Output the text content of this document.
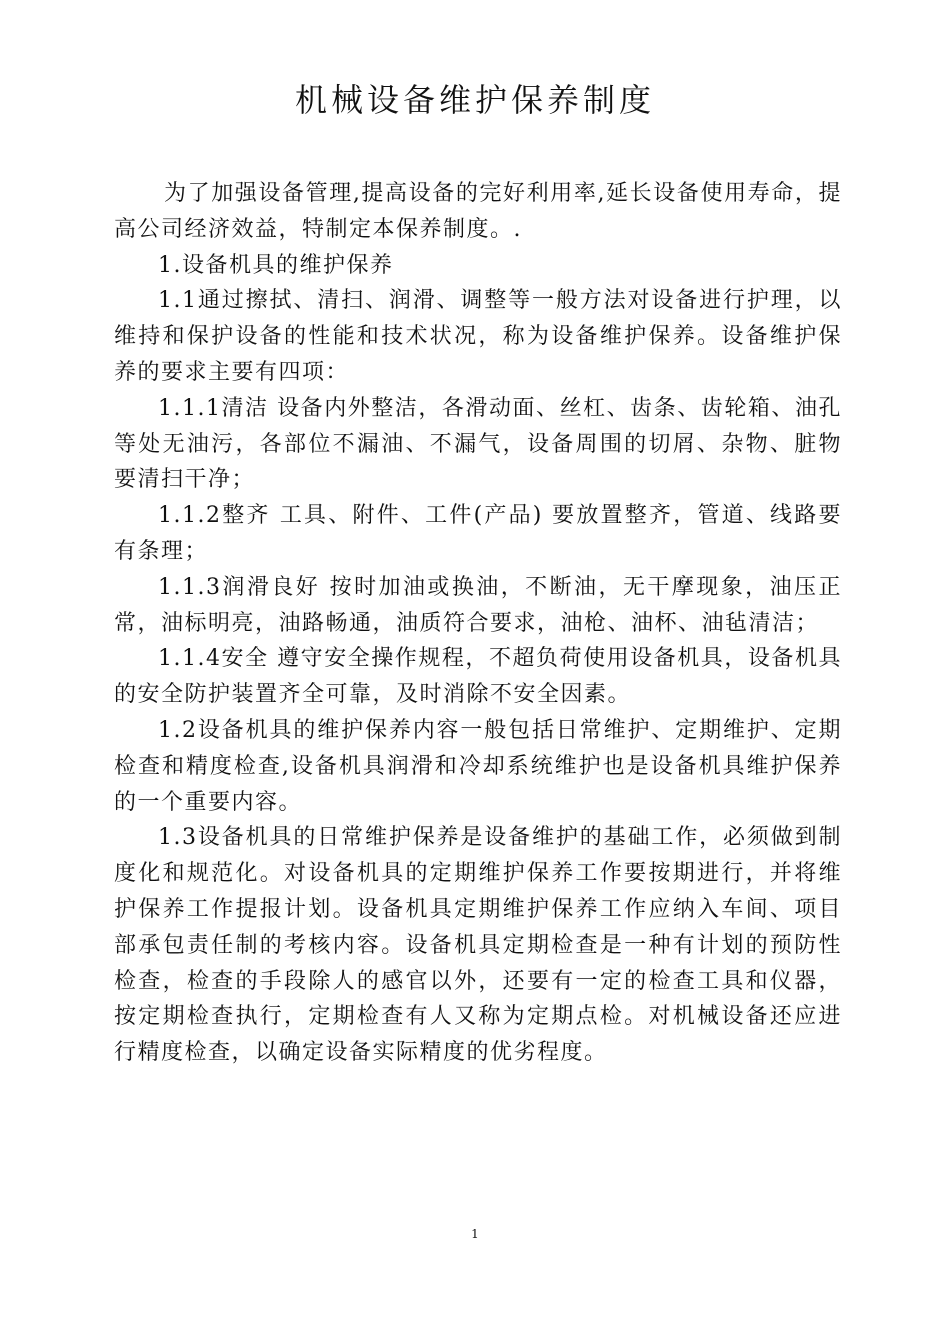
机械设备维护保养制度

为了加强设备管理,提高设备的完好利用率,延长设备使用寿命，提高公司经济效益，特制定本保养制度。.

1.设备机具的维护保养

1.1通过擦拭、清扫、润滑、调整等一般方法对设备进行护理，以维持和保护设备的性能和技术状况，称为设备维护保养。设备维护保养的要求主要有四项：

1.1.1清洁 设备内外整洁，各滑动面、丝杠、齿条、齿轮箱、油孔等处无油污，各部位不漏油、不漏气，设备周围的切屑、杂物、脏物要清扫干净；

1.1.2整齐 工具、附件、工件(产品) 要放置整齐，管道、线路要有条理；

1.1.3润滑良好 按时加油或换油，不断油，无干摩现象，油压正常，油标明亮，油路畅通，油质符合要求，油枪、油杯、油毡清洁；

1.1.4安全 遵守安全操作规程，不超负荷使用设备机具，设备机具的安全防护装置齐全可靠，及时消除不安全因素。

1.2设备机具的维护保养内容一般包括日常维护、定期维护、定期检查和精度检查,设备机具润滑和冷却系统维护也是设备机具维护保养的一个重要内容。

1.3设备机具的日常维护保养是设备维护的基础工作，必须做到制度化和规范化。对设备机具的定期维护保养工作要按期进行，并将维护保养工作提报计划。设备机具定期维护保养工作应纳入车间、项目部承包责任制的考核内容。设备机具定期检查是一种有计划的预防性检查，检查的手段除人的感官以外，还要有一定的检查工具和仪器，按定期检查执行，定期检查有人又称为定期点检。对机械设备还应进行精度检查，以确定设备实际精度的优劣程度。

1
